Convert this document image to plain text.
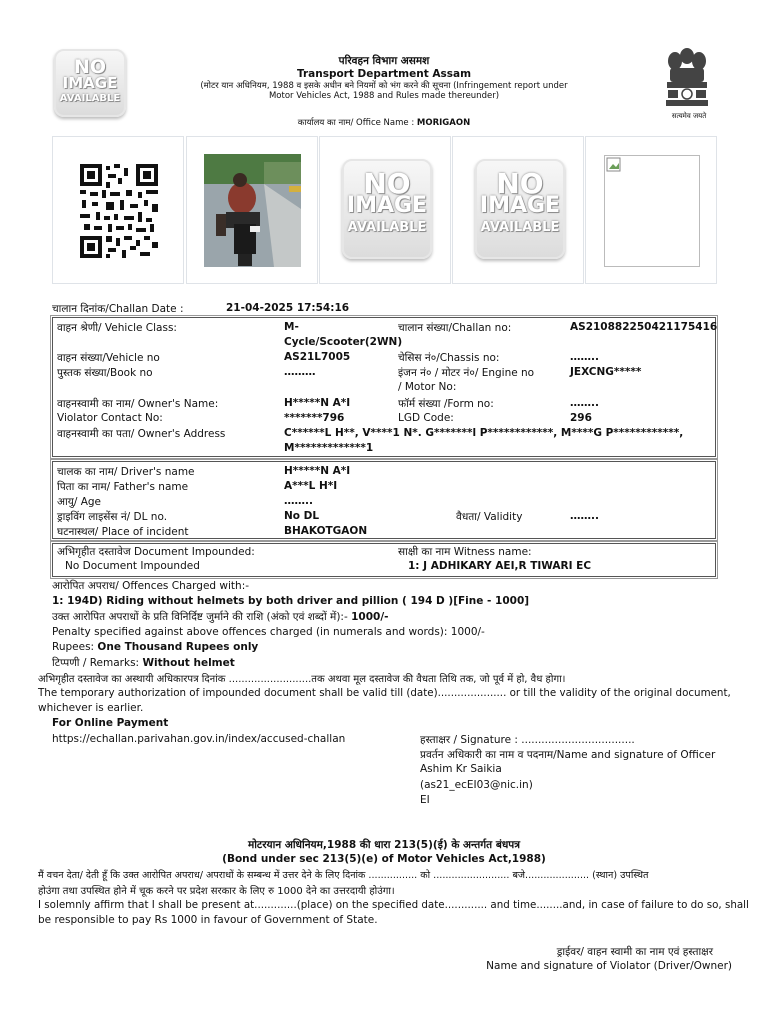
NO
IMAGE
AVAILABLE
परिवहन विभाग असमश
Transport Department Assam
(मोटर यान अधिनियम, 1988 व इसके अधीन बने नियमों को भंग करने की सूचना (Infringement report under
Motor Vehicles Act, 1988 and Rules made thereunder)
कार्यालय का नाम/ Office Name : MORIGAON
सत्यमेव जयते
NO
IMAGE
AVAILABLE
NO
IMAGE
AVAILABLE
चालान दिनांक/Challan Date :	21-04-2025 17:54:16
वाहन श्रेणी/ Vehicle Class:	M-
Cycle/Scooter(2WN)
चालान संख्या/Challan no:	AS210882250421175416
वाहन संख्या/Vehicle no	AS21L7005	चेसिस नं०/Chassis no:	……..
पुस्तक संख्या/Book no	………	इंजन नं० / मोटर नं०/ Engine no
/ Motor No:
JEXCNG*****
वाहनस्वामी का नाम/ Owner's Name:	H*****N A*I	फॉर्म संख्या /Form no:	……..
Violator Contact No:	*******796	LGD Code:	296
वाहनस्वामी का पता/ Owner's Address	C******L H**, V****1 N*. G*******l P************, M****G P************,
M*************1
चालक का नाम/ Driver's name	H*****N A*I
पिता का नाम/ Father's name	A***L H*I
आयु/ Age	……..
ड्राइविंग लाइसेंस नं/ DL no.	No DL	वैधता/ Validity	……..
घटनास्थल/ Place of incident	BHAKOTGAON
अभिगृहीत दस्तावेज Document Impounded:
No Document Impounded
साक्षी का नाम Witness name:
1: J ADHIKARY AEI,R TIWARI EC
आरोपित अपराध/ Offences Charged with:-
1: 194D) Riding without helmets by both driver and pillion ( 194 D )[Fine - 1000]
उक्त आरोपित अपराधों के प्रति विनिर्दिष्ट जुर्माने की राशि (अंको एवं शब्दों में):- 1000/-
Penalty specified against above offences charged (in numerals and words): 1000/-
Rupees: One Thousand Rupees only
टिप्पणी / Remarks: Without helmet
अभिगृहीत दस्तावेज का अस्थायी अधिकारपत्र दिनांक ..........................तक अथवा मूल दस्तावेज की वैधता तिथि तक, जो पूर्व में हो, वैध होगा।
The temporary authorization of impounded document shall be valid till (date)..................... or till the validity of the original document,
whichever is earlier.
For Online Payment
https://echallan.parivahan.gov.in/index/accused-challan	हस्ताक्षर / Signature : ..................................
प्रवर्तन अधिकारी का नाम व पदनाम/Name and signature of Officer
Ashim Kr Saikia
(as21_ecEI03@nic.in)
EI
मोटरयान अधिनियम,1988 की धारा 213(5)(ई) के अन्तर्गत बंधपत्र
(Bond under sec 213(5)(e) of Motor Vehicles Act,1988)
मैं वचन देता/ देती हूँ कि उक्त आरोपित अपराध/ अपराधों के सम्बन्ध में उत्तर देने के लिए दिनांक ................ को ......................... बजे..................... (स्थान) उपस्थित
होउंगा तथा उपस्थित होने में चूक करने पर प्रदेश सरकार के लिए रु 1000 देने का उत्तरदायी होउंगा।
I solemnly affirm that I shall be present at.............(place) on the specified date............. and time........and, in case of failure to do so, shall
be responsible to pay Rs 1000 in favour of Government of State.
ड्राईवर/ वाहन स्वामी का नाम एवं हस्ताक्षर
Name and signature of Violator (Driver/Owner)
